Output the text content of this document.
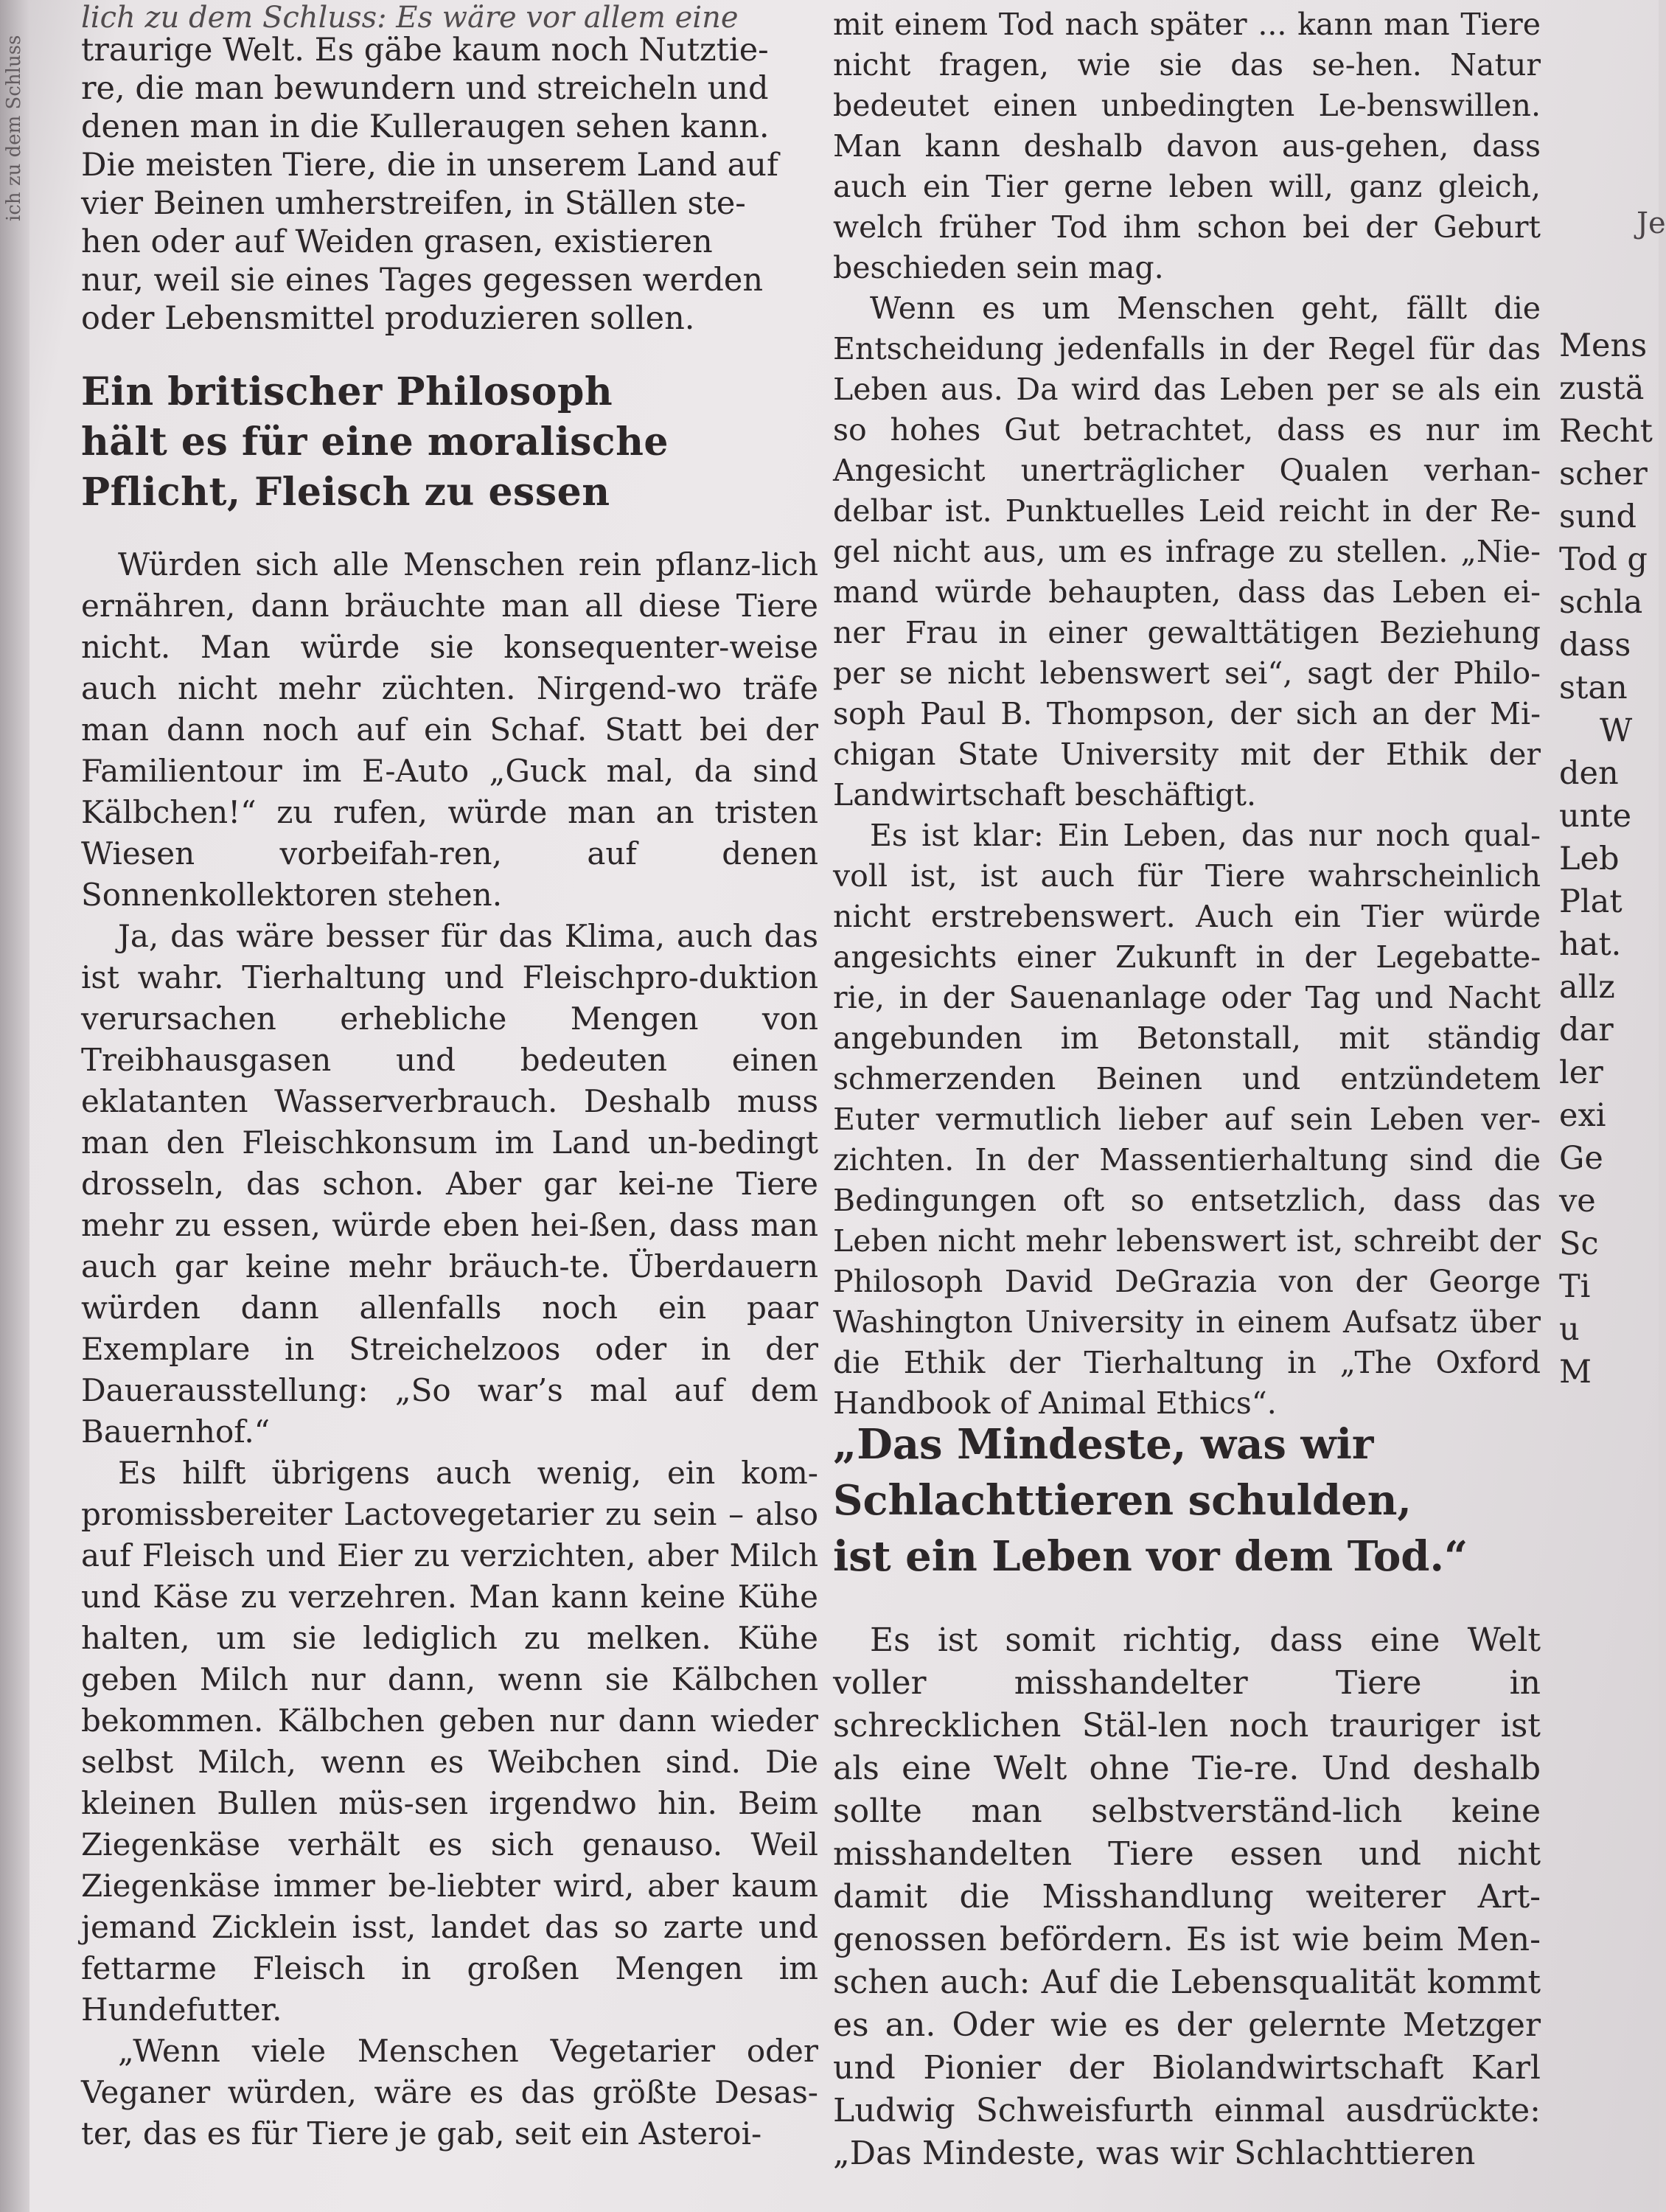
ich zu dem Schluss

lich zu dem Schluss: Es wäre vor allem eine

traurige Welt. Es gäbe kaum noch Nutztie-

re, die man bewundern und streicheln und

denen man in die Kulleraugen sehen kann.

Die meisten Tiere, die in unserem Land auf

vier Beinen umherstreifen, in Ställen ste-

hen oder auf Weiden grasen, existieren

nur, weil sie eines Tages gegessen werden

oder Lebensmittel produzieren sollen.

Ein britischer Philosoph
hält es für eine moralische
Pflicht, Fleisch zu essen

Würden sich alle Menschen rein pflanz-lich ernähren, dann bräuchte man all diese Tiere nicht. Man würde sie konsequenter-weise auch nicht mehr züchten. Nirgend-wo träfe man dann noch auf ein Schaf. Statt bei der Familientour im E-Auto „Guck mal, da sind Kälbchen!“ zu rufen, würde man an tristen Wiesen vorbeifah-ren, auf denen Sonnenkollektoren stehen.

Ja, das wäre besser für das Klima, auch das ist wahr. Tierhaltung und Fleischpro-duktion verursachen erhebliche Mengen von Treibhausgasen und bedeuten einen eklatanten Wasserverbrauch. Deshalb muss man den Fleischkonsum im Land un-bedingt drosseln, das schon. Aber gar kei-ne Tiere mehr zu essen, würde eben hei-ßen, dass man auch gar keine mehr bräuch-te. Überdauern würden dann allenfalls noch ein paar Exemplare in Streichelzoos oder in der Dauerausstellung: „So war’s mal auf dem Bauernhof.“

Es hilft übrigens auch wenig, ein kom-promissbereiter Lactovegetarier zu sein – also auf Fleisch und Eier zu verzichten, aber Milch und Käse zu verzehren. Man kann keine Kühe halten, um sie lediglich zu melken. Kühe geben Milch nur dann, wenn sie Kälbchen bekommen. Kälbchen geben nur dann wieder selbst Milch, wenn es Weibchen sind. Die kleinen Bullen müs-sen irgendwo hin. Beim Ziegenkäse verhält es sich genauso. Weil Ziegenkäse immer be-liebter wird, aber kaum jemand Zicklein isst, landet das so zarte und fettarme Fleisch in großen Mengen im Hundefutter.

„Wenn viele Menschen Vegetarier oder Veganer würden, wäre es das größte Desas-ter, das es für Tiere je gab, seit ein Asteroi-

mit einem Tod nach später ... kann man Tiere nicht fragen, wie sie das se-hen. Natur bedeutet einen unbedingten Le-benswillen. Man kann deshalb davon aus-gehen, dass auch ein Tier gerne leben will, ganz gleich, welch früher Tod ihm schon bei der Geburt beschieden sein mag.

Wenn es um Menschen geht, fällt die Entscheidung jedenfalls in der Regel für das Leben aus. Da wird das Leben per se als ein so hohes Gut betrachtet, dass es nur im Angesicht unerträglicher Qualen verhan-delbar ist. Punktuelles Leid reicht in der Re-gel nicht aus, um es infrage zu stellen. „Nie-mand würde behaupten, dass das Leben ei-ner Frau in einer gewalttätigen Beziehung per se nicht lebenswert sei“, sagt der Philo-soph Paul B. Thompson, der sich an der Mi-chigan State University mit der Ethik der Landwirtschaft beschäftigt.

Es ist klar: Ein Leben, das nur noch qual-voll ist, ist auch für Tiere wahrscheinlich nicht erstrebenswert. Auch ein Tier würde angesichts einer Zukunft in der Legebatte-rie, in der Sauenanlage oder Tag und Nacht angebunden im Betonstall, mit ständig schmerzenden Beinen und entzündetem Euter vermutlich lieber auf sein Leben ver-zichten. In der Massentierhaltung sind die Bedingungen oft so entsetzlich, dass das Leben nicht mehr lebenswert ist, schreibt der Philosoph David DeGrazia von der George Washington University in einem Aufsatz über die Ethik der Tierhaltung in „The Oxford Handbook of Animal Ethics“.

„Das Mindeste, was wir
Schlachttieren schulden,
ist ein Leben vor dem Tod.“

Es ist somit richtig, dass eine Welt voller misshandelter Tiere in schrecklichen Stäl-len noch trauriger ist als eine Welt ohne Tie-re. Und deshalb sollte man selbstverständ-lich keine misshandelten Tiere essen und nicht damit die Misshandlung weiterer Art-genossen befördern. Es ist wie beim Men-schen auch: Auf die Lebensqualität kommt es an. Oder wie es der gelernte Metzger und Pionier der Biolandwirtschaft Karl Ludwig Schweisfurth einmal ausdrückte: „Das Mindeste, was wir Schlachttieren

Je
Mens
zustä
Recht
scher
sund
Tod g
schla
dass
stan
W
den
unte
Leb
Plat
hat.
allz
dar
ler
exi
Ge
ve
Sc
Ti
u
M
